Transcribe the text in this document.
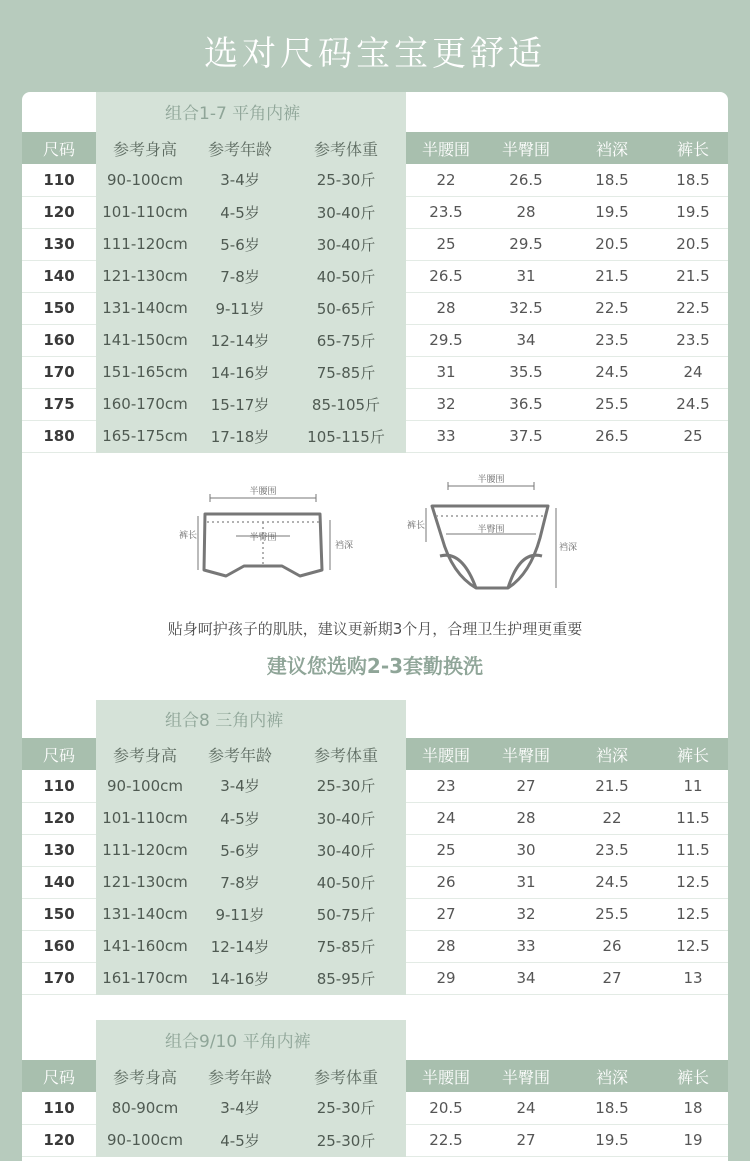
选对尺码宝宝更舒适
组合1-7 平角内裤
尺码	参考身高	参考年龄	参考体重	半腰围	半臀围	裆深	裤长
110	90-100cm	3-4岁	25-30斤	22	26.5	18.5	18.5
120	101-110cm	4-5岁	30-40斤	23.5	28	19.5	19.5
130	111-120cm	5-6岁	30-40斤	25	29.5	20.5	20.5
140	121-130cm	7-8岁	40-50斤	26.5	31	21.5	21.5
150	131-140cm	9-11岁	50-65斤	28	32.5	22.5	22.5
160	141-150cm	12-14岁	65-75斤	29.5	34	23.5	23.5
170	151-165cm	14-16岁	75-85斤	31	35.5	24.5	24
175	160-170cm	15-17岁	85-105斤	32	36.5	25.5	24.5
180	165-175cm	17-18岁	105-115斤	33	37.5	26.5	25
半腰围
半臀围
裤长
裆深
半腰围
半臀围
裤长
裆深
贴身呵护孩子的肌肤，建议更新期3个月，合理卫生护理更重要
建议您选购2-3套勤换洗
组合8 三角内裤
尺码	参考身高	参考年龄	参考体重	半腰围	半臀围	裆深	裤长
110	90-100cm	3-4岁	25-30斤	23	27	21.5	11
120	101-110cm	4-5岁	30-40斤	24	28	22	11.5
130	111-120cm	5-6岁	30-40斤	25	30	23.5	11.5
140	121-130cm	7-8岁	40-50斤	26	31	24.5	12.5
150	131-140cm	9-11岁	50-75斤	27	32	25.5	12.5
160	141-160cm	12-14岁	75-85斤	28	33	26	12.5
170	161-170cm	14-16岁	85-95斤	29	34	27	13
组合9/10 平角内裤
尺码	参考身高	参考年龄	参考体重	半腰围	半臀围	裆深	裤长
110	80-90cm	3-4岁	25-30斤	20.5	24	18.5	18
120	90-100cm	4-5岁	25-30斤	22.5	27	19.5	19
